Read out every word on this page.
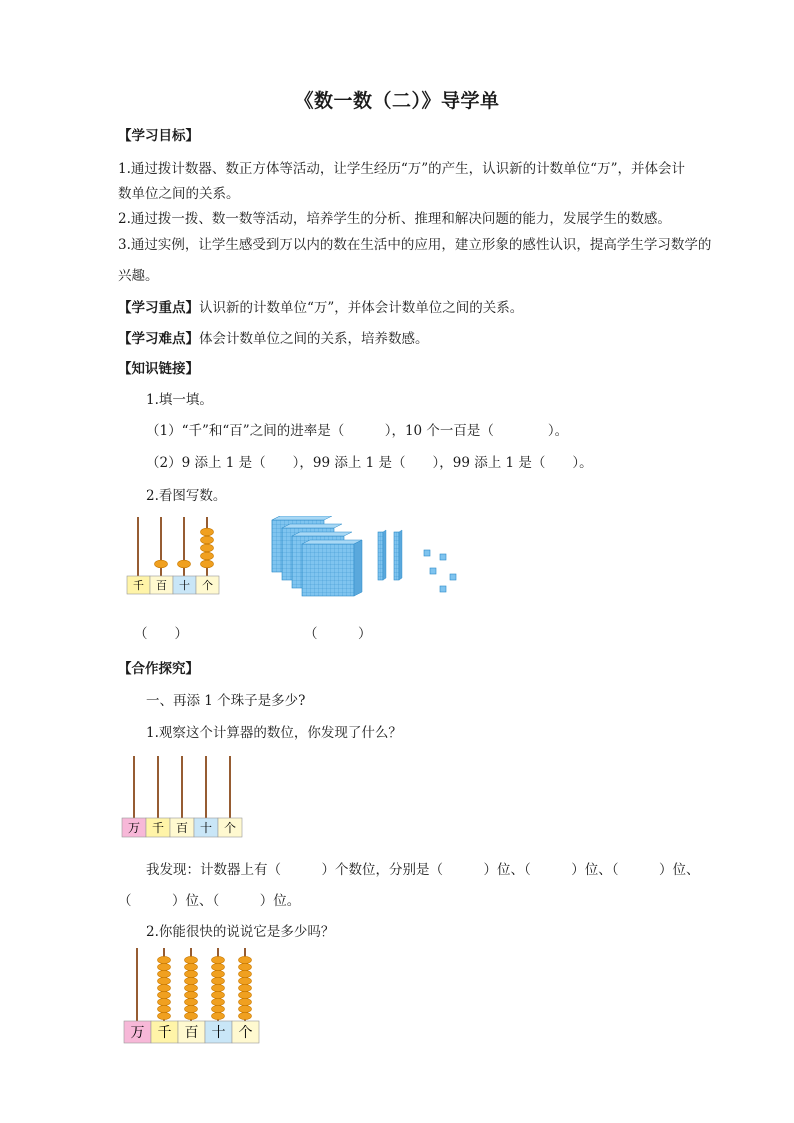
《数一数（二）》导学单
【学习目标】
1.通过拨计数器、数正方体等活动，让学生经历“万”的产生，认识新的计数单位“万”，并体会计
数单位之间的关系。
2.通过拨一拨、数一数等活动，培养学生的分析、推理和解决问题的能力，发展学生的数感。
3.通过实例，让学生感受到万以内的数在生活中的应用，建立形象的感性认识，提高学生学习数学的
兴趣。
【学习重点】认识新的计数单位“万”，并体会计数单位之间的关系。
【学习难点】体会计数单位之间的关系，培养数感。
【知识链接】
1.填一填。
（1）“千”和“百”之间的进率是（　　　），10 个一百是（　　　　）。
（2）9 添上 1 是（　　），99 添上 1 是（　　），99 添上 1 是（　　）。
2.看图写数。
千 百 十 个
（　　）	（　　　）
【合作探究】
一、再添 1 个珠子是多少?
1.观察这个计算器的数位，你发现了什么？
万 千 百 十 个
我发现：计数器上有（　　　）个数位，分别是（　　　）位、（　　　）位、（　　　）位、
（　　　）位、（　　　）位。
2.你能很快的说说它是多少吗？
万 千 百 十 个
